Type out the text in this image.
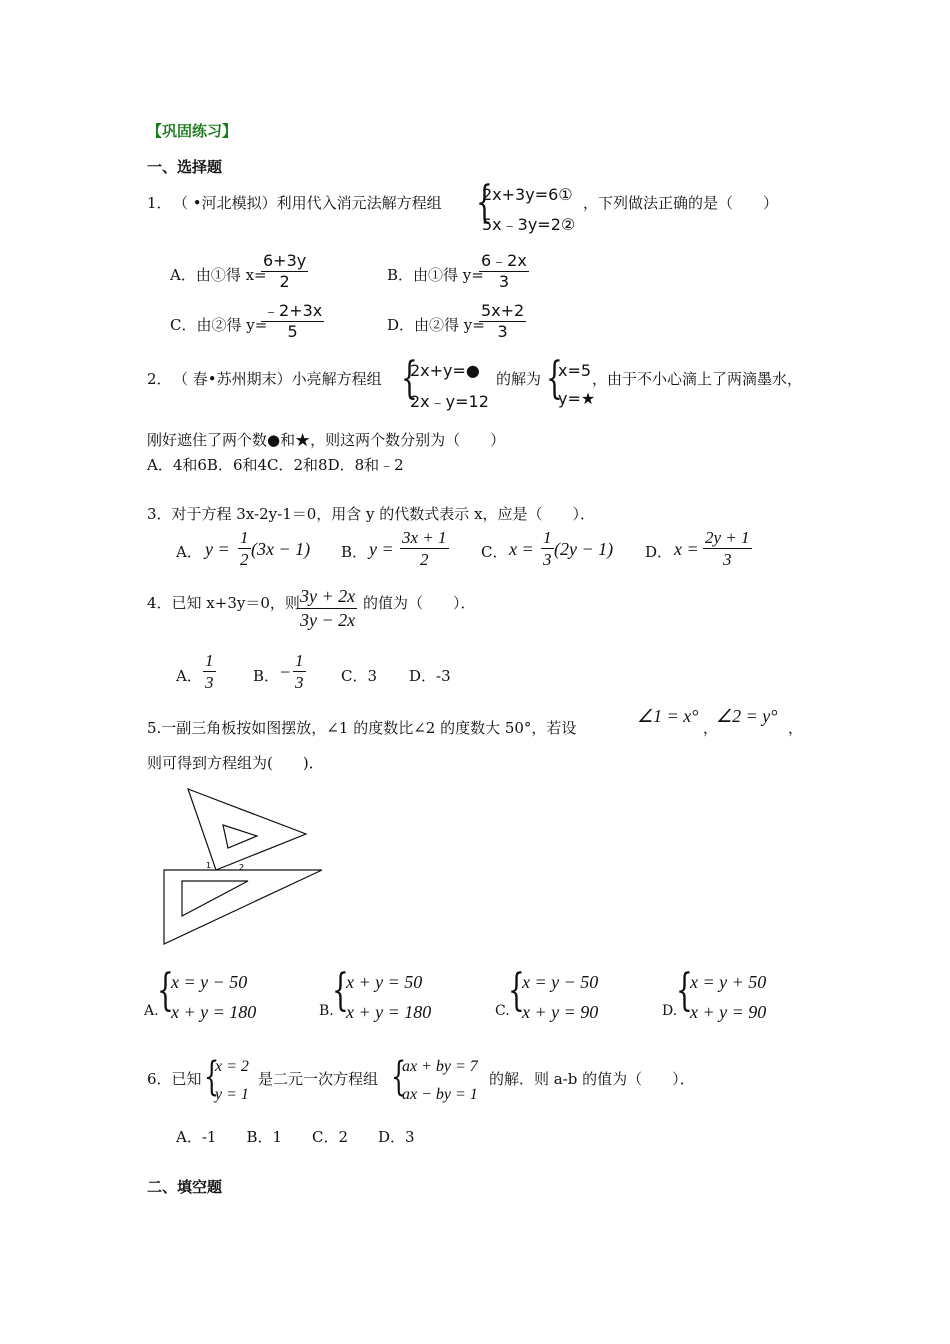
【巩固练习】
一、选择题
1． （ •河北模拟）利用代入消元法解方程组 {
2x+3y=6①
5x﹣3y=2②
，下列做法正确的是（　　）
A．由①得 x=
$\frac{6+3y}{2}$	B．由①得 y=
$\frac{6﹣2x}{3}$
C．由②得 y=
$\frac{﹣2+3x}{5}$	D．由②得 y=
$\frac{5x+2}{3}$
2． （ 春•苏州期末）小亮解方程组 {
2x+y=●
2x﹣y=12
的解为 {
x=5
y=★
，由于不小心滴上了两滴墨水，
刚好遮住了两个数●和★，则这两个数分别为（　　）
A．4和6B．6和4C．2和8D．8和﹣2
3．对于方程 3x-2y-1＝0，用含 y 的代数式表示 x，应是（　　）．
A． $y = \frac{1}{2} (3x - 1)$ B． $y = \frac{3x + 1}{2}$ C． $x = \frac{1}{3} (2y - 1)$ D． $x = \frac{2y + 1}{3}$
4．已知 x+3y＝0，则
$\frac{3y + 2x}{3y - 2x}$ 的值为（　　）．
A． $\frac{1}{3}$	B． − $\frac{1}{3}$ C．3 D．-3
5.一副三角板按如图摆放，∠1 的度数比∠2 的度数大 50°，若设
∠1 = x°
，
∠2 = y°
，
则可得到方程组为(　　)．
1	2
A.
{
x = y − 50
x + y = 180	B.
{
x + y = 50
x + y = 180	C.
{
x = y − 50
x + y = 90	D.
{
x = y + 50
x + y = 90
6．已知 {
x = 2
y = 1
是二元一次方程组 {
ax + by = 7
ax − by = 1
的解．则 a-b 的值为（　　）．
A．-1　　B．1　　C．2　　D．3
二、填空题
